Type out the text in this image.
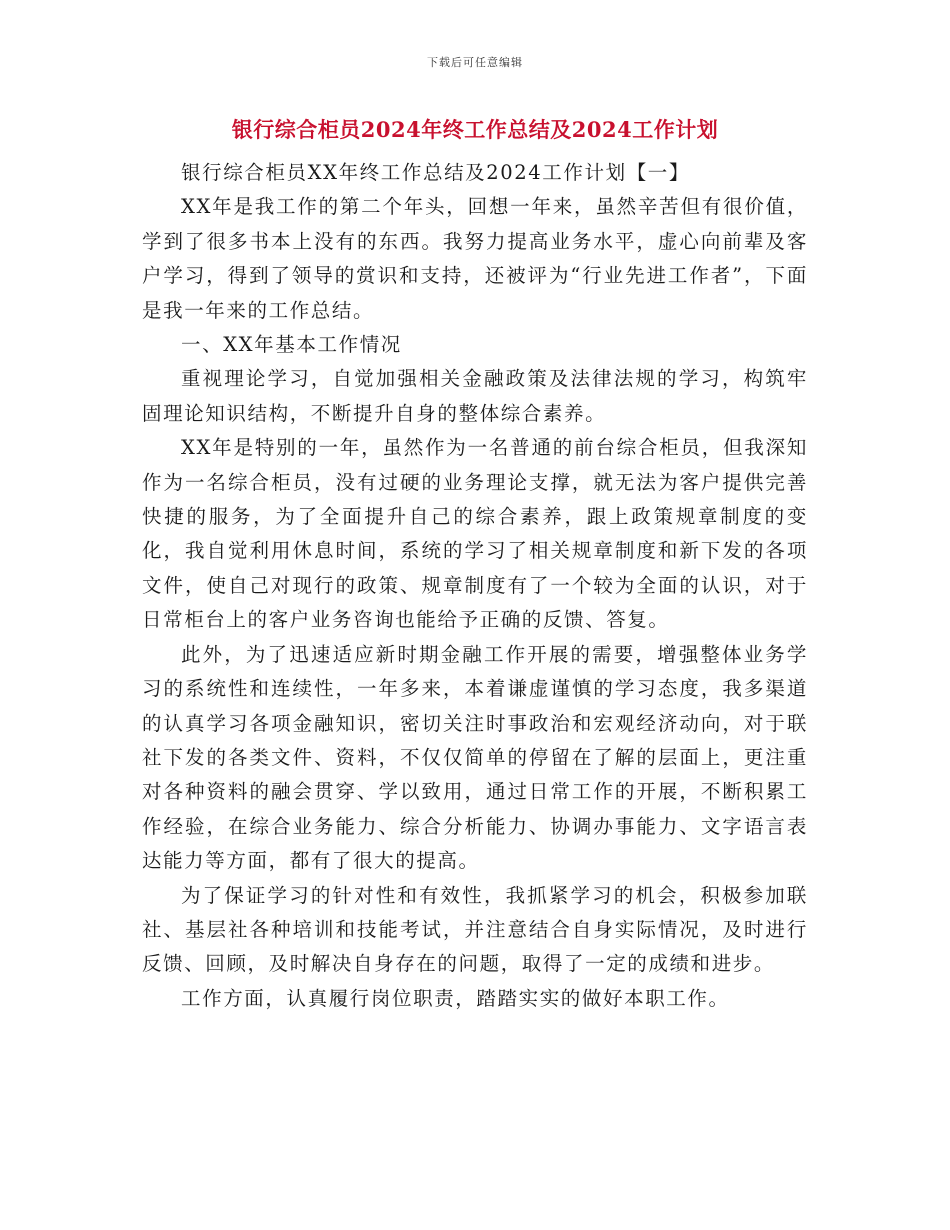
下载后可任意编辑
银行综合柜员2024年终工作总结及2024工作计划

银行综合柜员XX年终工作总结及2024工作计划【一】

XX年是我工作的第二个年头，回想一年来，虽然辛苦但有很价值，学到了很多书本上没有的东西。我努力提高业务水平，虚心向前辈及客户学习，得到了领导的赏识和支持，还被评为“行业先进工作者”，下面是我一年来的工作总结。

一、XX年基本工作情况

重视理论学习，自觉加强相关金融政策及法律法规的学习，构筑牢固理论知识结构，不断提升自身的整体综合素养。

XX年是特别的一年，虽然作为一名普通的前台综合柜员，但我深知作为一名综合柜员，没有过硬的业务理论支撑，就无法为客户提供完善快捷的服务，为了全面提升自己的综合素养，跟上政策规章制度的变化，我自觉利用休息时间，系统的学习了相关规章制度和新下发的各项文件，使自己对现行的政策、规章制度有了一个较为全面的认识，对于日常柜台上的客户业务咨询也能给予正确的反馈、答复。

此外，为了迅速适应新时期金融工作开展的需要，增强整体业务学习的系统性和连续性，一年多来，本着谦虚谨慎的学习态度，我多渠道的认真学习各项金融知识，密切关注时事政治和宏观经济动向，对于联社下发的各类文件、资料，不仅仅简单的停留在了解的层面上，更注重对各种资料的融会贯穿、学以致用，通过日常工作的开展，不断积累工作经验，在综合业务能力、综合分析能力、协调办事能力、文字语言表达能力等方面，都有了很大的提高。

为了保证学习的针对性和有效性，我抓紧学习的机会，积极参加联社、基层社各种培训和技能考试，并注意结合自身实际情况，及时进行反馈、回顾，及时解决自身存在的问题，取得了一定的成绩和进步。

工作方面，认真履行岗位职责，踏踏实实的做好本职工作。
